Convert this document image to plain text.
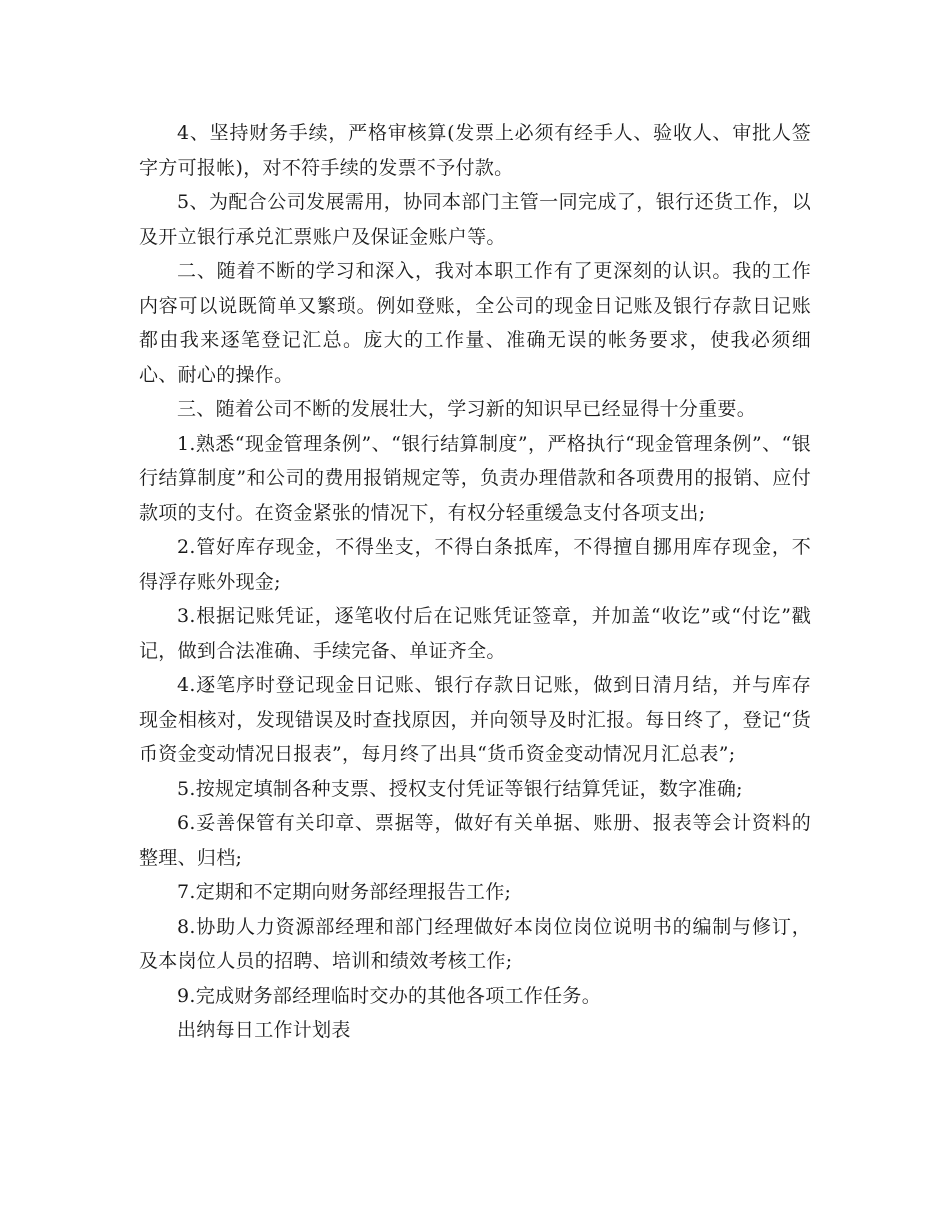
4、坚持财务手续，严格审核算(发票上必须有经手人、验收人、审批人签字方可报帐)，对不符手续的发票不予付款。

5、为配合公司发展需用，协同本部门主管一同完成了，银行还货工作，以及开立银行承兑汇票账户及保证金账户等。

二、随着不断的学习和深入，我对本职工作有了更深刻的认识。我的工作内容可以说既简单又繁琐。例如登账，全公司的现金日记账及银行存款日记账都由我来逐笔登记汇总。庞大的工作量、准确无误的帐务要求，使我必须细心、耐心的操作。

三、随着公司不断的发展壮大，学习新的知识早已经显得十分重要。

1.熟悉“现金管理条例”、“银行结算制度”，严格执行“现金管理条例”、“银行结算制度”和公司的费用报销规定等，负责办理借款和各项费用的报销、应付款项的支付。在资金紧张的情况下，有权分轻重缓急支付各项支出;

2.管好库存现金，不得坐支，不得白条抵库，不得擅自挪用库存现金，不得浮存账外现金;

3.根据记账凭证，逐笔收付后在记账凭证签章，并加盖“收讫”或“付讫”戳记，做到合法准确、手续完备、单证齐全。

4.逐笔序时登记现金日记账、银行存款日记账，做到日清月结，并与库存现金相核对，发现错误及时查找原因，并向领导及时汇报。每日终了，登记“货币资金变动情况日报表”，每月终了出具“货币资金变动情况月汇总表”;

5.按规定填制各种支票、授权支付凭证等银行结算凭证，数字准确;

6.妥善保管有关印章、票据等，做好有关单据、账册、报表等会计资料的整理、归档;

7.定期和不定期向财务部经理报告工作;

8.协助人力资源部经理和部门经理做好本岗位岗位说明书的编制与修订，及本岗位人员的招聘、培训和绩效考核工作;

9.完成财务部经理临时交办的其他各项工作任务。

出纳每日工作计划表
